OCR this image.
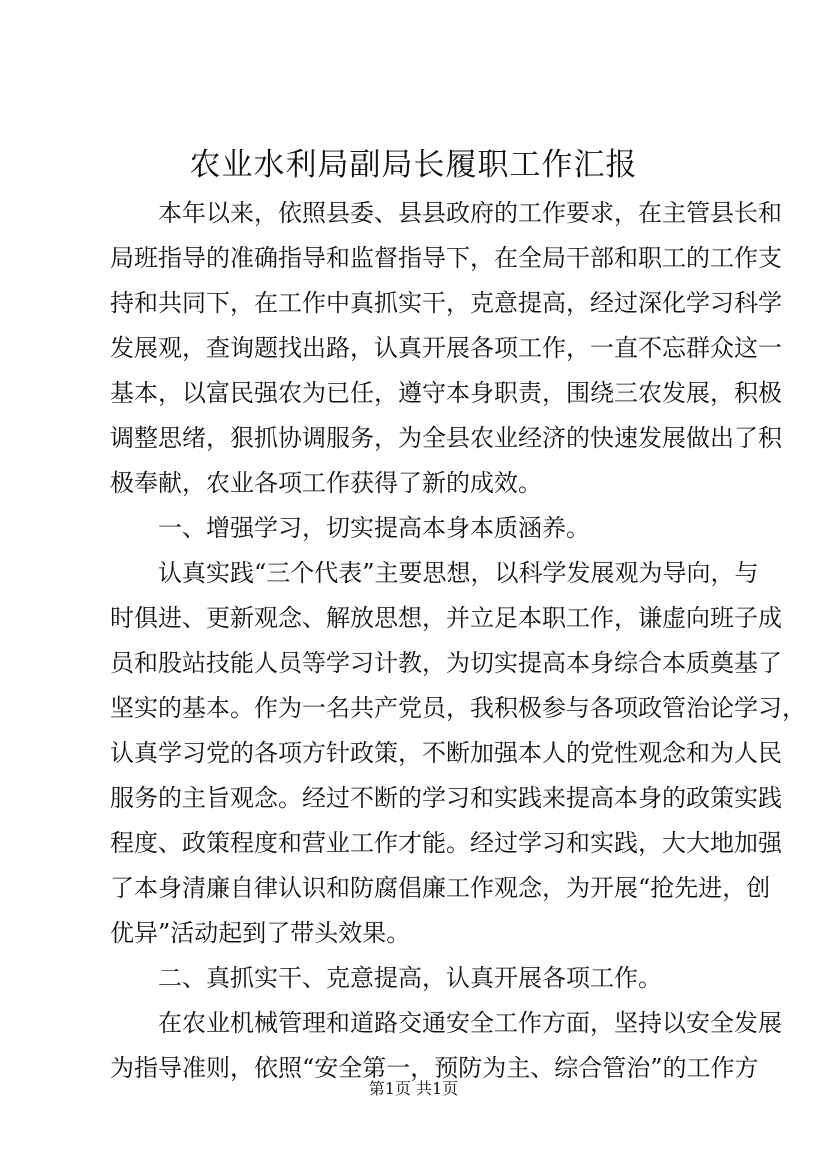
农业水利局副局长履职工作汇报
本年以来，依照县委、县县政府的工作要求，在主管县长和
局班指导的准确指导和监督指导下，在全局干部和职工的工作支
持和共同下，在工作中真抓实干，克意提高，经过深化学习科学
发展观，查询题找出路，认真开展各项工作，一直不忘群众这一
基本，以富民强农为已任，遵守本身职责，围绕三农发展，积极
调整思绪，狠抓协调服务，为全县农业经济的快速发展做出了积
极奉献，农业各项工作获得了新的成效。
一、增强学习，切实提高本身本质涵养。
认真实践“三个代表”主要思想，以科学发展观为导向，与
时俱进、更新观念、解放思想，并立足本职工作，谦虚向班子成
员和股站技能人员等学习计教，为切实提高本身综合本质奠基了
坚实的基本。作为一名共产党员，我积极参与各项政管治论学习，
认真学习党的各项方针政策，不断加强本人的党性观念和为人民
服务的主旨观念。经过不断的学习和实践来提高本身的政策实践
程度、政策程度和营业工作才能。经过学习和实践，大大地加强
了本身清廉自律认识和防腐倡廉工作观念，为开展“抢先进，创
优异”活动起到了带头效果。
二、真抓实干、克意提高，认真开展各项工作。
在农业机械管理和道路交通安全工作方面，坚持以安全发展
为指导准则，依照“安全第一，预防为主、综合管治”的工作方
第1页 共1页
